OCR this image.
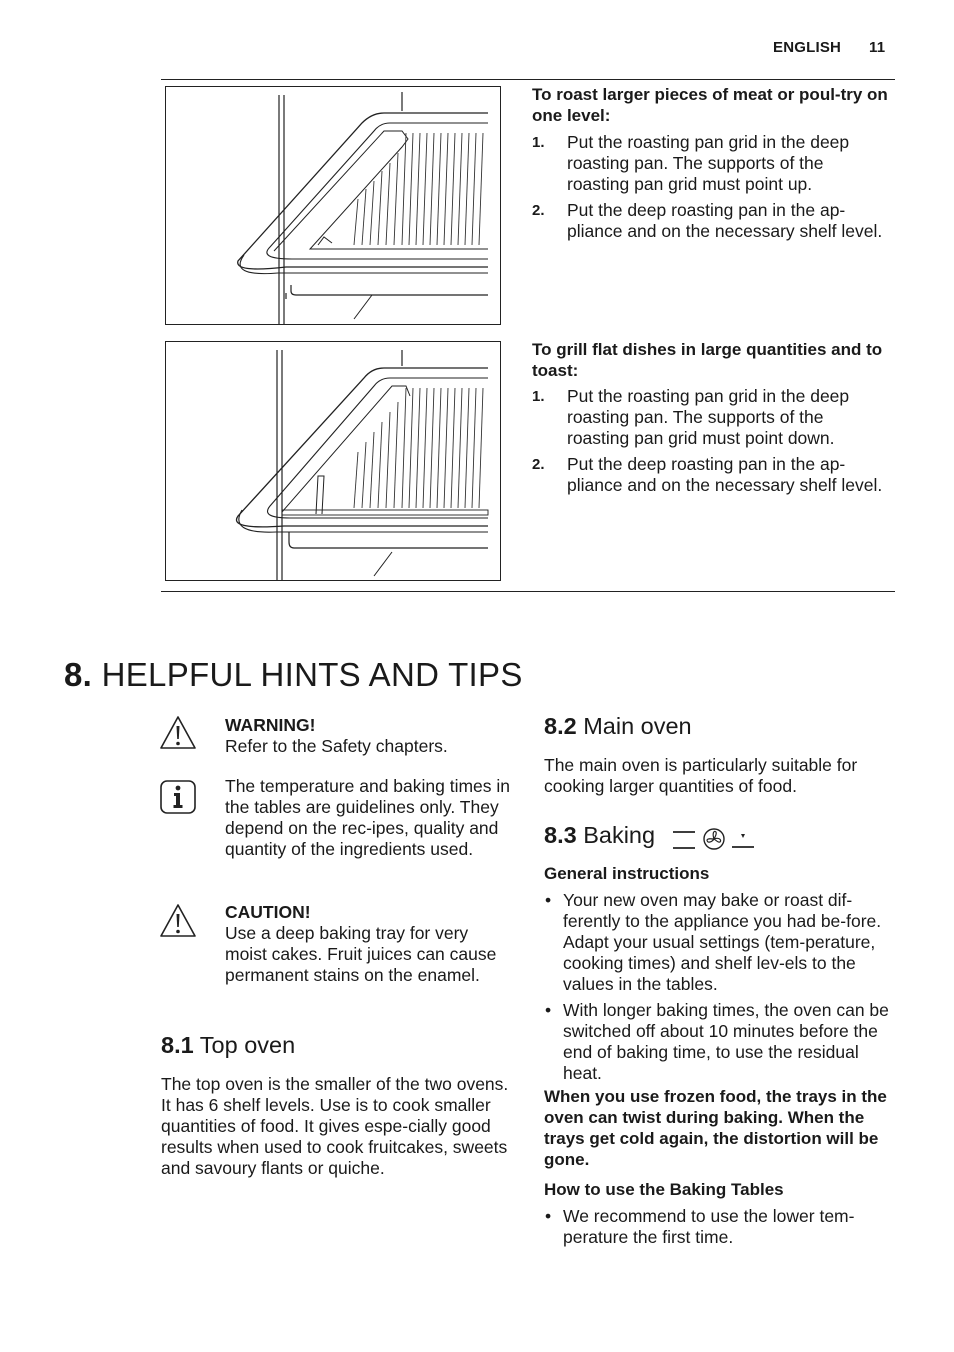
ENGLISH 11
To roast larger pieces of meat or poul-try on one level:
1. Put the roasting pan grid in the deep roasting pan. The supports of the roasting pan grid must point up.
2. Put the deep roasting pan in the ap-pliance and on the necessary shelf level.
To grill flat dishes in large quantities and to toast:
1. Put the roasting pan grid in the deep roasting pan. The supports of the roasting pan grid must point down.
2. Put the deep roasting pan in the ap-pliance and on the necessary shelf level.
8. HELPFUL HINTS AND TIPS
WARNING!
Refer to the Safety chapters.
The temperature and baking times in the tables are guidelines only. They depend on the rec-ipes, quality and quantity of the ingredients used.
CAUTION!
Use a deep baking tray for very moist cakes. Fruit juices can cause permanent stains on the enamel.
8.1 Top oven
The top oven is the smaller of the two ovens. It has 6 shelf levels. Use is to cook smaller quantities of food. It gives espe-cially good results when used to cook fruitcakes, sweets and savoury flants or quiche.
8.2 Main oven
The main oven is particularly suitable for cooking larger quantities of food.
8.3 Baking
General instructions
• Your new oven may bake or roast dif-ferently to the appliance you had be-fore. Adapt your usual settings (tem-perature, cooking times) and shelf lev-els to the values in the tables.
• With longer baking times, the oven can be switched off about 10 minutes before the end of baking time, to use the residual heat.
When you use frozen food, the trays in the oven can twist during baking. When the trays get cold again, the distortion will be gone.
How to use the Baking Tables
• We recommend to use the lower tem-perature the first time.
